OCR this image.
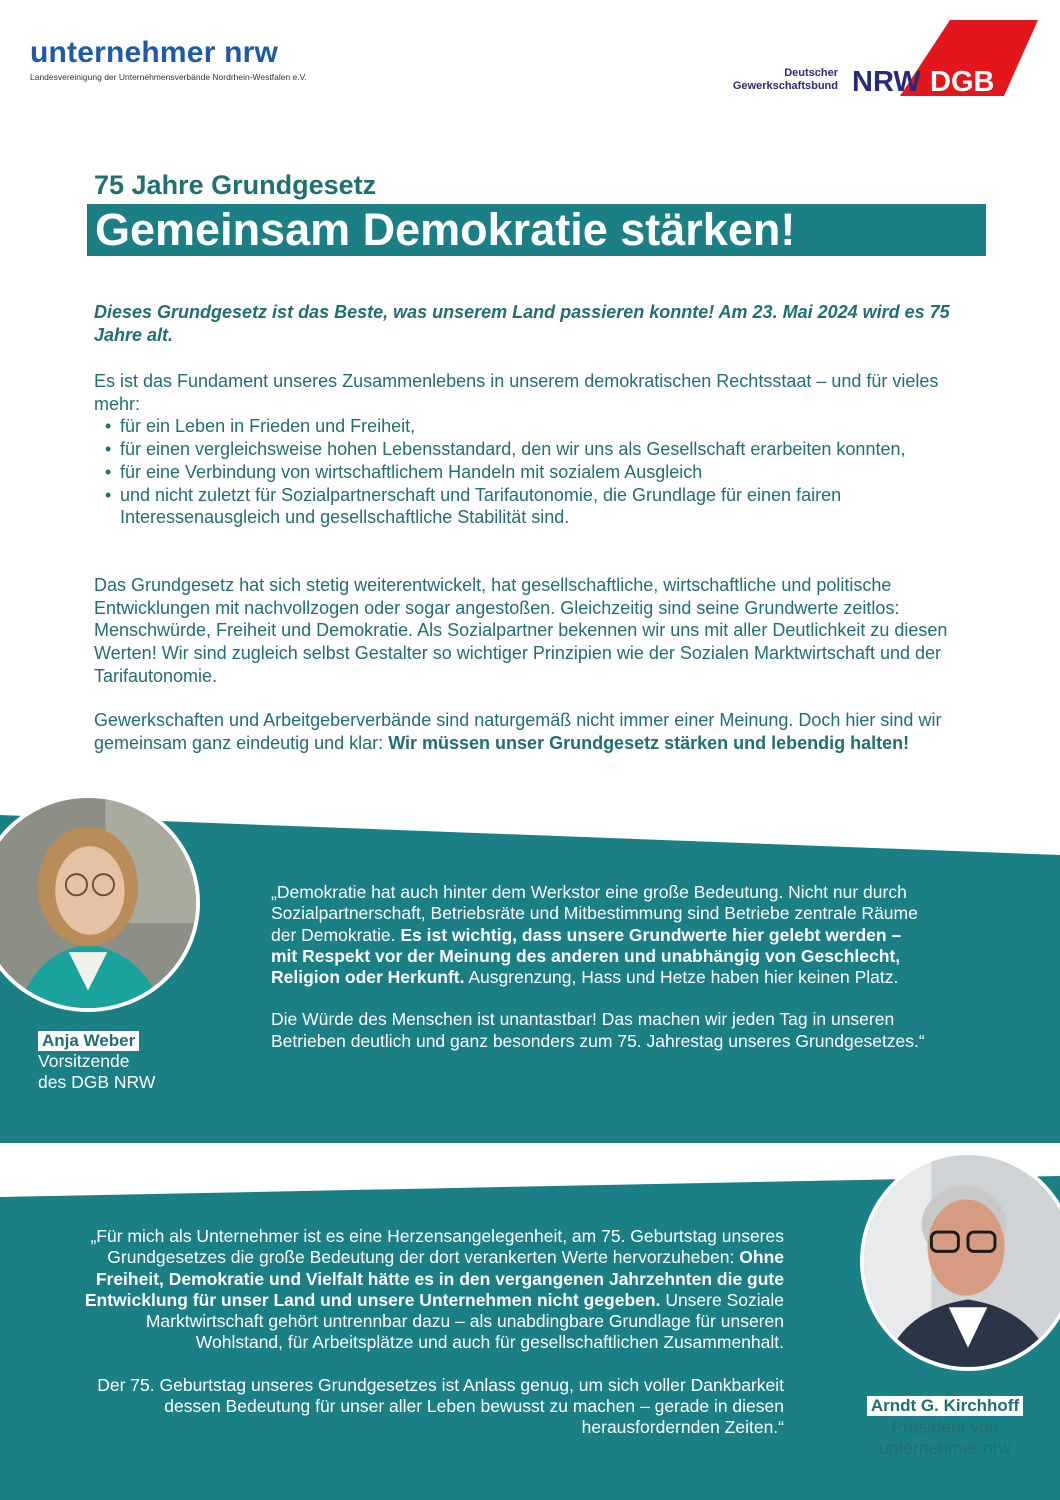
unternehmer nrw
Landesvereinigung der Unternehmensverbände Nordrhein-Westfalen e.V.	Deutscher
Gewerkschaftsbund NRW DGB
75 Jahre Grundgesetz
Gemeinsam Demokratie stärken!
Dieses Grundgesetz ist das Beste, was unserem Land passieren konnte! Am 23. Mai 2024 wird es 75 Jahre alt.
Es ist das Fundament unseres Zusammenlebens in unserem demokratischen Rechtsstaat – und für vieles mehr:
• für ein Leben in Frieden und Freiheit,
• für einen vergleichsweise hohen Lebensstandard, den wir uns als Gesellschaft erarbeiten konnten,
• für eine Verbindung von wirtschaftlichem Handeln mit sozialem Ausgleich
• und nicht zuletzt für Sozialpartnerschaft und Tarifautonomie, die Grundlage für einen fairen Interessenausgleich und gesellschaftliche Stabilität sind.
Das Grundgesetz hat sich stetig weiterentwickelt, hat gesellschaftliche, wirtschaftliche und politische Entwicklungen mit nachvollzogen oder sogar angestoßen. Gleichzeitig sind seine Grundwerte zeitlos: Menschwürde, Freiheit und Demokratie. Als Sozialpartner bekennen wir uns mit aller Deutlichkeit zu diesen Werten! Wir sind zugleich selbst Gestalter so wichtiger Prinzipien wie der Sozialen Marktwirtschaft und der Tarifautonomie.
Gewerkschaften und Arbeitgeberverbände sind naturgemäß nicht immer einer Meinung. Doch hier sind wir gemeinsam ganz eindeutig und klar: Wir müssen unser Grundgesetz stärken und lebendig halten!
„Demokratie hat auch hinter dem Werkstor eine große Bedeutung. Nicht nur durch Sozialpartnerschaft, Betriebsräte und Mitbestimmung sind Betriebe zentrale Räume der Demokratie. Es ist wichtig, dass unsere Grundwerte hier gelebt werden – mit Respekt vor der Meinung des anderen und unabhängig von Geschlecht, Religion oder Herkunft. Ausgrenzung, Hass und Hetze haben hier keinen Platz.
Die Würde des Menschen ist unantastbar! Das machen wir jeden Tag in unseren Betrieben deutlich und ganz besonders zum 75. Jahrestag unseres Grundgesetzes.“
Anja Weber
Vorsitzende
des DGB NRW
„Für mich als Unternehmer ist es eine Herzensangelegenheit, am 75. Geburtstag unseres Grundgesetzes die große Bedeutung der dort verankerten Werte hervorzuheben: Ohne Freiheit, Demokratie und Vielfalt hätte es in den vergangenen Jahrzehnten die gute Entwicklung für unser Land und unsere Unternehmen nicht gegeben. Unsere Soziale Marktwirtschaft gehört untrennbar dazu – als unabdingbare Grundlage für unseren Wohlstand, für Arbeitsplätze und auch für gesellschaftlichen Zusammenhalt.
Der 75. Geburtstag unseres Grundgesetzes ist Anlass genug, um sich voller Dankbarkeit dessen Bedeutung für unser aller Leben bewusst zu machen – gerade in diesen herausfordernden Zeiten.“
Arndt G. Kirchhoff
Präsident von
unternehmer nrw
